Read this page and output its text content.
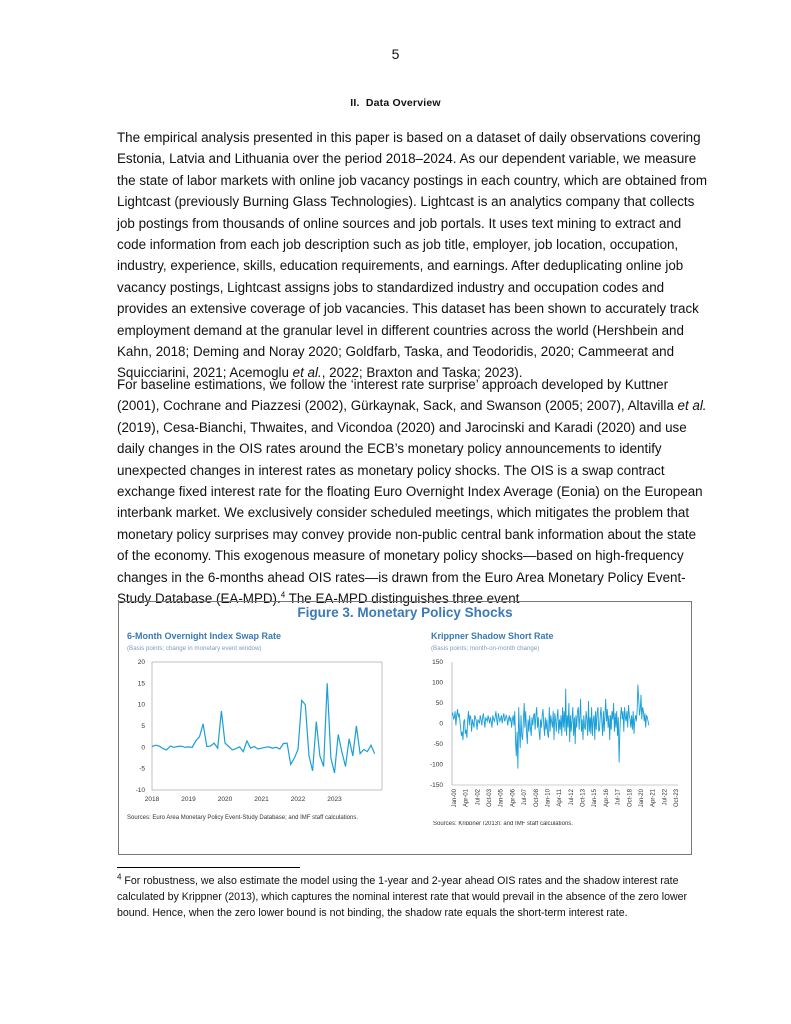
5
II. Data Overview

The empirical analysis presented in this paper is based on a dataset of daily observations covering Estonia, Latvia and Lithuania over the period 2018–2024. As our dependent variable, we measure the state of labor markets with online job vacancy postings in each country, which are obtained from Lightcast (previously Burning Glass Technologies). Lightcast is an analytics company that collects job postings from thousands of online sources and job portals. It uses text mining to extract and code information from each job description such as job title, employer, job location, occupation, industry, experience, skills, education requirements, and earnings. After deduplicating online job vacancy postings, Lightcast assigns jobs to standardized industry and occupation codes and provides an extensive coverage of job vacancies. This dataset has been shown to accurately track employment demand at the granular level in different countries across the world (Hershbein and Kahn, 2018; Deming and Noray 2020; Goldfarb, Taska, and Teodoridis, 2020; Cammeerat and Squicciarini, 2021; Acemoglu et al., 2022; Braxton and Taska; 2023).

For baseline estimations, we follow the ‘interest rate surprise’ approach developed by Kuttner (2001), Cochrane and Piazzesi (2002), Gürkaynak, Sack, and Swanson (2005; 2007), Altavilla et al. (2019), Cesa-Bianchi, Thwaites, and Vicondoa (2020) and Jarocinski and Karadi (2020) and use daily changes in the OIS rates around the ECB’s monetary policy announcements to identify unexpected changes in interest rates as monetary policy shocks. The OIS is a swap contract exchange fixed interest rate for the floating Euro Overnight Index Average (Eonia) on the European interbank market. We exclusively consider scheduled meetings, which mitigates the problem that monetary policy surprises may convey provide non-public central bank information about the state of the economy. This exogenous measure of monetary policy shocks—based on high-frequency changes in the 6-months ahead OIS rates—is drawn from the Euro Area Monetary Policy Event-Study Database (EA-MPD).$^4$ The EA-MPD distinguishes three event

Figure 3. Monetary Policy Shocks
6-Month Overnight Index Swap Rate
(Basis points; change in monetary event window)
Krippner Shadow Short Rate
(Basis points; month-on-month change)
-10
-5
0
5
10
15
20
2018	2019	2020	2021	2022	2023
-150
-100
-50
0
50
100
150
Jan-00 Apr-01 Jul-02 Oct-03 Jan-05 Apr-06 Jul-07 Oct-08 Jan-10 Apr-11 Jul-12 Oct-13 Jan-15 Apr-16 Jul-17 Oct-18 Jan-20 Apr-21 Jul-22 Oct-23
Sources: Euro Area Monetary Policy Event-Study Database; and IMF staff calculations.
Sources: Krippner (2013); and IMF staff calculations.

$^4$ For robustness, we also estimate the model using the 1-year and 2-year ahead OIS rates and the shadow interest rate calculated by Krippner (2013), which captures the nominal interest rate that would prevail in the absence of the zero lower bound. Hence, when the zero lower bound is not binding, the shadow rate equals the short-term interest rate.
